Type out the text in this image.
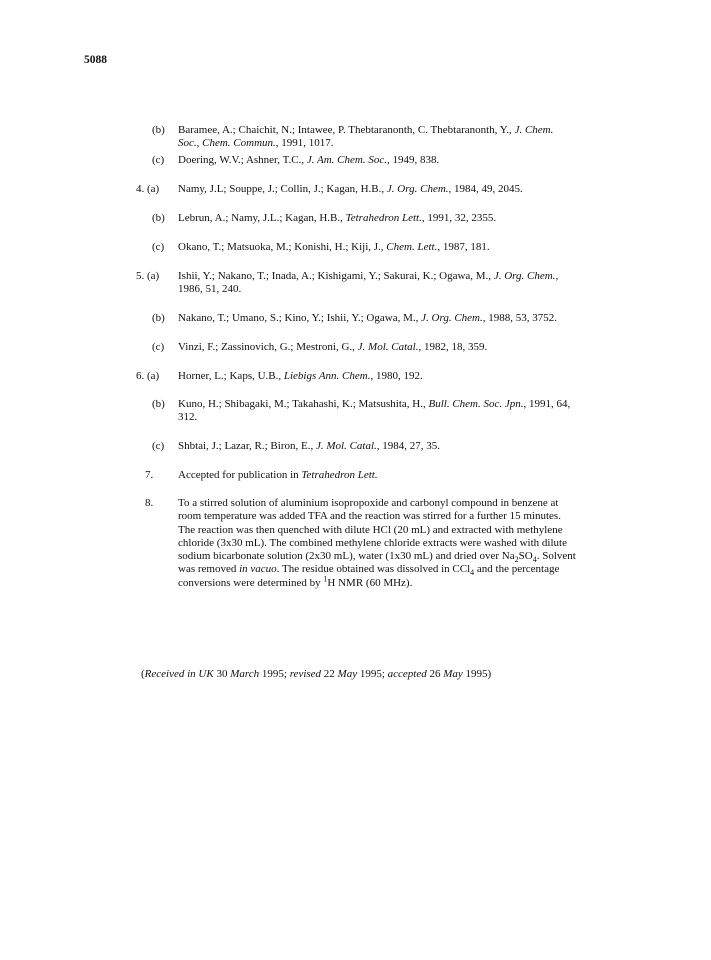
5088
(b) Baramee, A.; Chaichit, N.; Intawee, P. Thebtaranonth, C. Thebtaranonth, Y., J. Chem.
Soc., Chem. Commun., 1991, 1017.
(c) Doering, W.V.; Ashner, T.C., J. Am. Chem. Soc., 1949, 838.
4. (a) Namy, J.L; Souppe, J.; Collin, J.; Kagan, H.B., J. Org. Chem., 1984, 49, 2045.
(b) Lebrun, A.; Namy, J.L.; Kagan, H.B., Tetrahedron Lett., 1991, 32, 2355.
(c) Okano, T.; Matsuoka, M.; Konishi, H.; Kiji, J., Chem. Lett., 1987, 181.
5. (a) Ishii, Y.; Nakano, T.; Inada, A.; Kishigami, Y.; Sakurai, K.; Ogawa, M., J. Org. Chem.,
1986, 51, 240.
(b) Nakano, T.; Umano, S.; Kino, Y.; Ishii, Y.; Ogawa, M., J. Org. Chem., 1988, 53, 3752.
(c) Vinzi, F.; Zassinovich, G.; Mestroni, G., J. Mol. Catal., 1982, 18, 359.
6. (a) Horner, L.; Kaps, U.B., Liebigs Ann. Chem., 1980, 192.
(b) Kuno, H.; Shibagaki, M.; Takahashi, K.; Matsushita, H., Bull. Chem. Soc. Jpn., 1991, 64,
312.
(c) Shbtai, J.; Lazar, R.; Biron, E., J. Mol. Catal., 1984, 27, 35.
7. Accepted for publication in Tetrahedron Lett.
8. To a stirred solution of aluminium isopropoxide and carbonyl compound in benzene at
room temperature was added TFA and the reaction was stirred for a further 15 minutes.
The reaction was then quenched with dilute HCl (20 mL) and extracted with methylene
chloride (3x30 mL). The combined methylene chloride extracts were washed with dilute
sodium bicarbonate solution (2x30 mL), water (1x30 mL) and dried over $Na_2SO_4$. Solvent
was removed in vacuo. The residue obtained was dissolved in CCl$_4$ and the percentage
conversions were determined by $^1$H NMR (60 MHz).
(Received in UK 30 March 1995; revised 22 May 1995; accepted 26 May 1995)
